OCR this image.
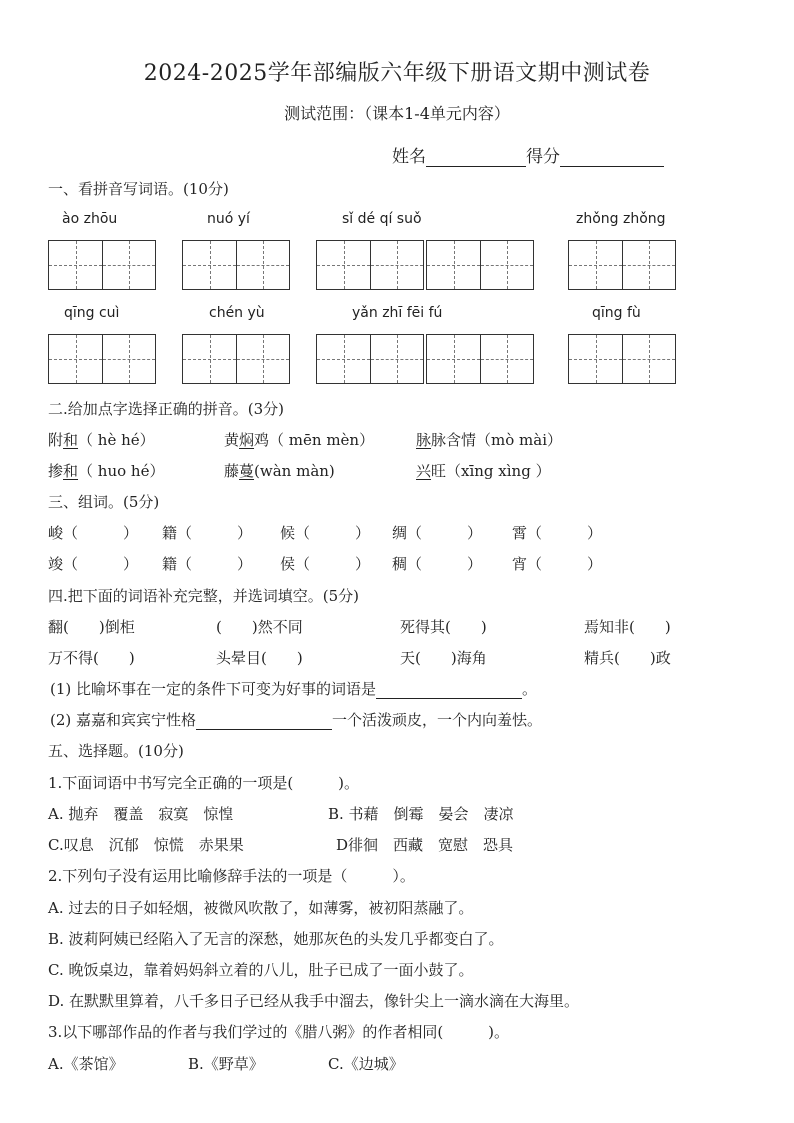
2024-2025学年部编版六年级下册语文期中测试卷
测试范围：（课本1-4单元内容）
姓名	得分
一、看拼音写词语。(10分)
ào zhōu	nuó yí	sǐ dé qí suǒ	zhǒng zhǒng
qīng cuì	chén yù	yǎn zhī fēi fú	qīng fù
二.给加点字选择正确的拼音。(3分)
附和（ hè hé）	黄焖鸡（ mēn mèn）	脉脉含情（mò mài）
掺和（ huo hé）	藤蔓(wàn màn)	兴旺（xīng xìng ）
三、组词。(5分)
峻（　　　） 籍（　　　） 候（　　　） 绸（　　　） 霄（　　　）
竣（　　　） 籍（　　　） 侯（　　　） 稠（　　　） 宵（　　　）
四.把下面的词语补充完整，并选词填空。(5分)
翻(　　)倒柜	(　　)然不同	死得其(　　)	焉知非(　　)
万不得(　　)	头晕目(　　)	天(　　)海角	精兵(　　)政
(1) 比喻坏事在一定的条件下可变为好事的词语是	。
(2) 嘉嘉和宾宾宁性格	一个活泼顽皮，一个内向羞怯。
五、选择题。(10分)
1.下面词语中书写完全正确的一项是(　　　)。
A. 抛弃　覆盖　寂寞　惊惶	B. 书藉　倒霉　晏会　凄凉
C.叹息　沉郁　惊慌　赤果果	D徘徊　西藏　宽慰　恐具
2.下列句子没有运用比喻修辞手法的一项是（　　　）。
A. 过去的日子如轻烟，被微风吹散了，如薄雾，被初阳蒸融了。
B. 波莉阿姨已经陷入了无言的深愁，她那灰色的头发几乎都变白了。
C. 晚饭桌边，靠着妈妈斜立着的八儿，肚子已成了一面小鼓了。
D. 在默默里算着，八千多日子已经从我手中溜去，像针尖上一滴水滴在大海里。
3.以下哪部作品的作者与我们学过的《腊八粥》的作者相同(　　　)。
A.《茶馆》	B.《野草》	C.《边城》
